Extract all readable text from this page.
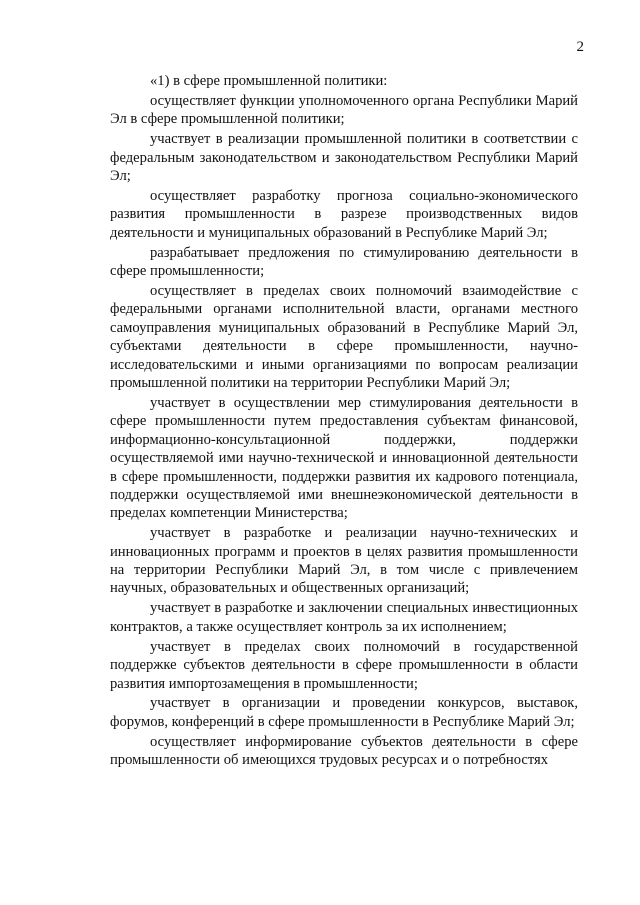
2

«1) в сфере промышленной политики:

осуществляет функции уполномоченного органа Республики Марий Эл в сфере промышленной политики;

участвует в реализации промышленной политики в соответствии с федеральным законодательством и законодательством Республики Марий Эл;

осуществляет разработку прогноза социально-экономического развития промышленности в разрезе производственных видов деятельности и муниципальных образований в Республике Марий Эл;

разрабатывает предложения по стимулированию деятельности в сфере промышленности;

осуществляет в пределах своих полномочий взаимодействие с федеральными органами исполнительной власти, органами местного самоуправления муниципальных образований в Республике Марий Эл, субъектами деятельности в сфере промышленности, научно-исследовательскими и иными организациями по вопросам реализации промышленной политики на территории Республики Марий Эл;

участвует в осуществлении мер стимулирования деятельности в сфере промышленности путем предоставления субъектам финансовой, информационно-консультационной поддержки, поддержки осуществляемой ими научно-технической и инновационной деятельности в сфере промышленности, поддержки развития их кадрового потенциала, поддержки осуществляемой ими внешнеэкономической деятельности в пределах компетенции Министерства;

участвует в разработке и реализации научно-технических и инновационных программ и проектов в целях развития промышленности на территории Республики Марий Эл, в том числе с привлечением научных, образовательных и общественных организаций;

участвует в разработке и заключении специальных инвестиционных контрактов, а также осуществляет контроль за их исполнением;

участвует в пределах своих полномочий в государственной поддержке субъектов деятельности в сфере промышленности в области развития импортозамещения в промышленности;

участвует в организации и проведении конкурсов, выставок, форумов, конференций в сфере промышленности в Республике Марий Эл;

осуществляет информирование субъектов деятельности в сфере промышленности об имеющихся трудовых ресурсах и о потребностях
